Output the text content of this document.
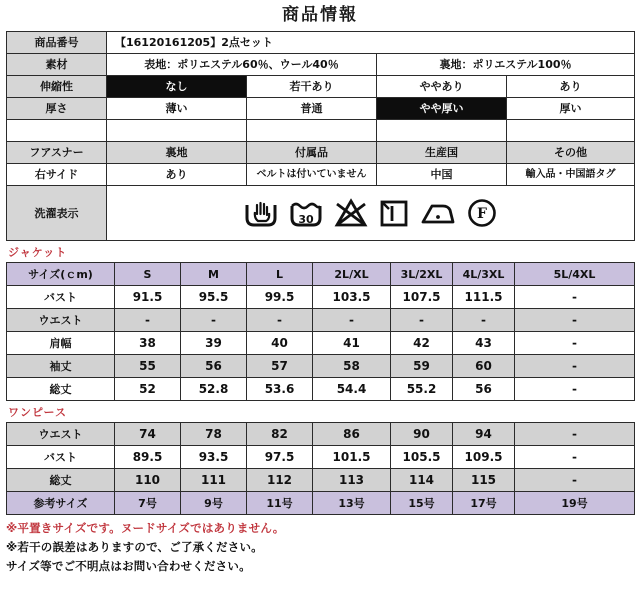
商品情報
商品番号	【16120161205】2点セット			
素材	表地：ポリエステル60％、ウール40％		裏地：ポリエステル100％	
伸縮性	なし	若干あり	ややあり	あり
厚さ	薄い	普通	やや厚い	厚い

フアスナー	裏地	付属品	生産国	その他
右サイド	あり	ベルトは付いていません	中国	輸入品・中国語タグ
洗濯表示	30 F			
ジャケット
サイズ(ｃm)	S	M	L	2L/XL	3L/2XL	4L/3XL	5L/4XL
バスト	91.5	95.5	99.5	103.5	107.5	111.5	-
ウエスト	-	-	-	-	-	-	-
肩幅	38	39	40	41	42	43	-
袖丈	55	56	57	58	59	60	-
総丈	52	52.8	53.6	54.4	55.2	56	-
ワンピース
ウエスト	74	78	82	86	90	94	-
バスト	89.5	93.5	97.5	101.5	105.5	109.5	-
総丈	110	111	112	113	114	115	-
参考サイズ	7号	9号	11号	13号	15号	17号	19号
※平置きサイズです。ヌードサイズではありません。
※若干の誤差はありますので、ご了承ください。
サイズ等でご不明点はお問い合わせください。
